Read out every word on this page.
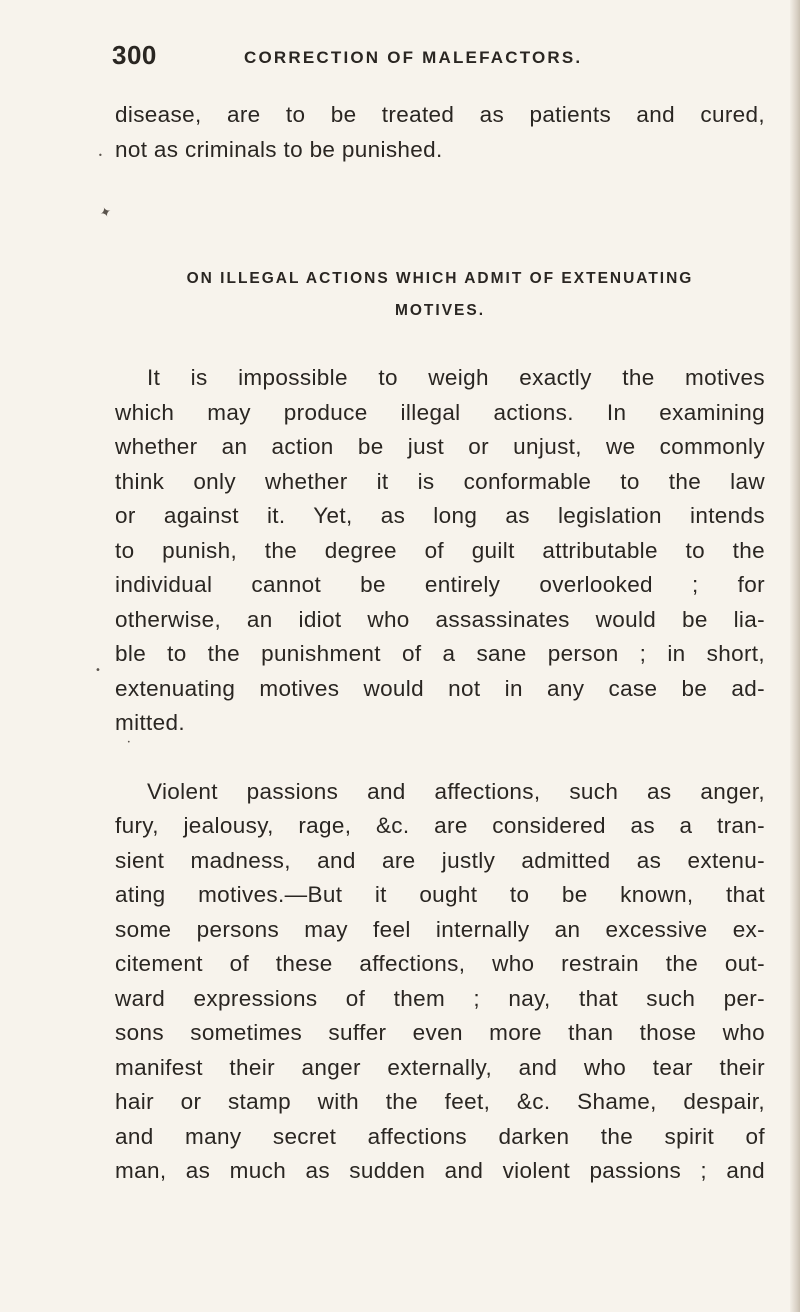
300	CORRECTION OF MALEFACTORS.
disease, are to be treated as patients and cured,
not as criminals to be punished.
ON ILLEGAL ACTIONS WHICH ADMIT OF EXTENUATING
MOTIVES.
It is impossible to weigh exactly the motives
which may produce illegal actions. In examining
whether an action be just or unjust, we commonly
think only whether it is conformable to the law
or against it. Yet, as long as legislation intends
to punish, the degree of guilt attributable to the
individual cannot be entirely overlooked ; for
otherwise, an idiot who assassinates would be lia-
ble to the punishment of a sane person ; in short,
extenuating motives would not in any case be ad-
mitted.
Violent passions and affections, such as anger,
fury, jealousy, rage, &c. are considered as a tran-
sient madness, and are justly admitted as extenu-
ating motives.—But it ought to be known, that
some persons may feel internally an excessive ex-
citement of these affections, who restrain the out-
ward expressions of them ; nay, that such per-
sons sometimes suffer even more than those who
manifest their anger externally, and who tear their
hair or stamp with the feet, &c. Shame, despair,
and many secret affections darken the spirit of
man, as much as sudden and violent passions ; and
✦
•
•
•
